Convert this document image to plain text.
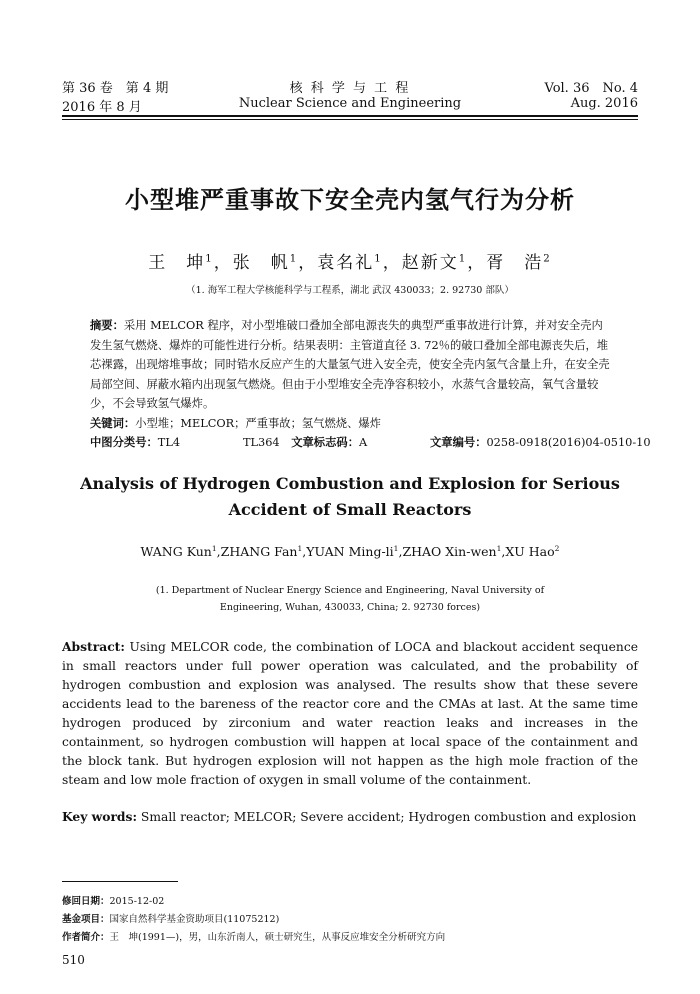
第 36 卷　第 4 期
2016 年 8 月
核 科 学 与 工 程
Nuclear Science and Engineering
Vol. 36　No. 4
Aug. 2016
小型堆严重事故下安全壳内氢气行为分析
王　坤$^1$，张　帆$^1$，袁名礼$^1$，赵新文$^1$，胥　浩$^2$
（1. 海军工程大学核能科学与工程系，湖北 武汉 430033；2. 92730 部队）
摘要：采用 MELCOR 程序，对小型堆破口叠加全部电源丧失的典型严重事故进行计算，并对安全壳内
发生氢气燃烧、爆炸的可能性进行分析。结果表明：主管道直径 3. 72％的破口叠加全部电源丧失后，堆
芯裸露，出现熔堆事故；同时锆水反应产生的大量氢气进入安全壳，使安全壳内氢气含量上升，在安全壳
局部空间、屏蔽水箱内出现氢气燃烧。但由于小型堆安全壳净容积较小，水蒸气含量较高，氧气含量较
少，不会导致氢气爆炸。
关键词：小型堆；MELCOR；严重事故；氢气燃烧、爆炸
中图分类号：TL4	TL364 文章标志码：A	文章编号：0258-0918(2016)04-0510-10
Analysis of Hydrogen Combustion and Explosion for Serious
Accident of Small Reactors
WANG Kun$^1$,ZHANG Fan$^1$,YUAN Ming-$li^1,ZHAO$ Xin-wen$^1$,XU Hao$^2$
(1. Department of Nuclear Energy Science and Engineering, Naval University of
Engineering, Wuhan, 430033, China; 2. 92730 forces)
Abstract: Using MELCOR code, the combination of LOCA and blackout accident sequence in small reactors under full power operation was calculated, and the probability of hydrogen combustion and explosion was analysed. The results show that these severe accidents lead to the bareness of the reactor core and the CMAs at last. At the same time hydrogen produced by zirconium and water reaction leaks and increases in the containment, so hydrogen combustion will happen at local space of the containment and the block tank. But hydrogen explosion will not happen as the high mole fraction of the steam and low mole fraction of oxygen in small volume of the containment.
Key words: Small reactor; MELCOR; Severe accident; Hydrogen combustion and explosion
修回日期：2015-12-02
基金项目：国家自然科学基金资助项目(11075212)
作者简介：王　坤(1991—)，男，山东沂南人，硕士研究生，从事反应堆安全分析研究方向
510
